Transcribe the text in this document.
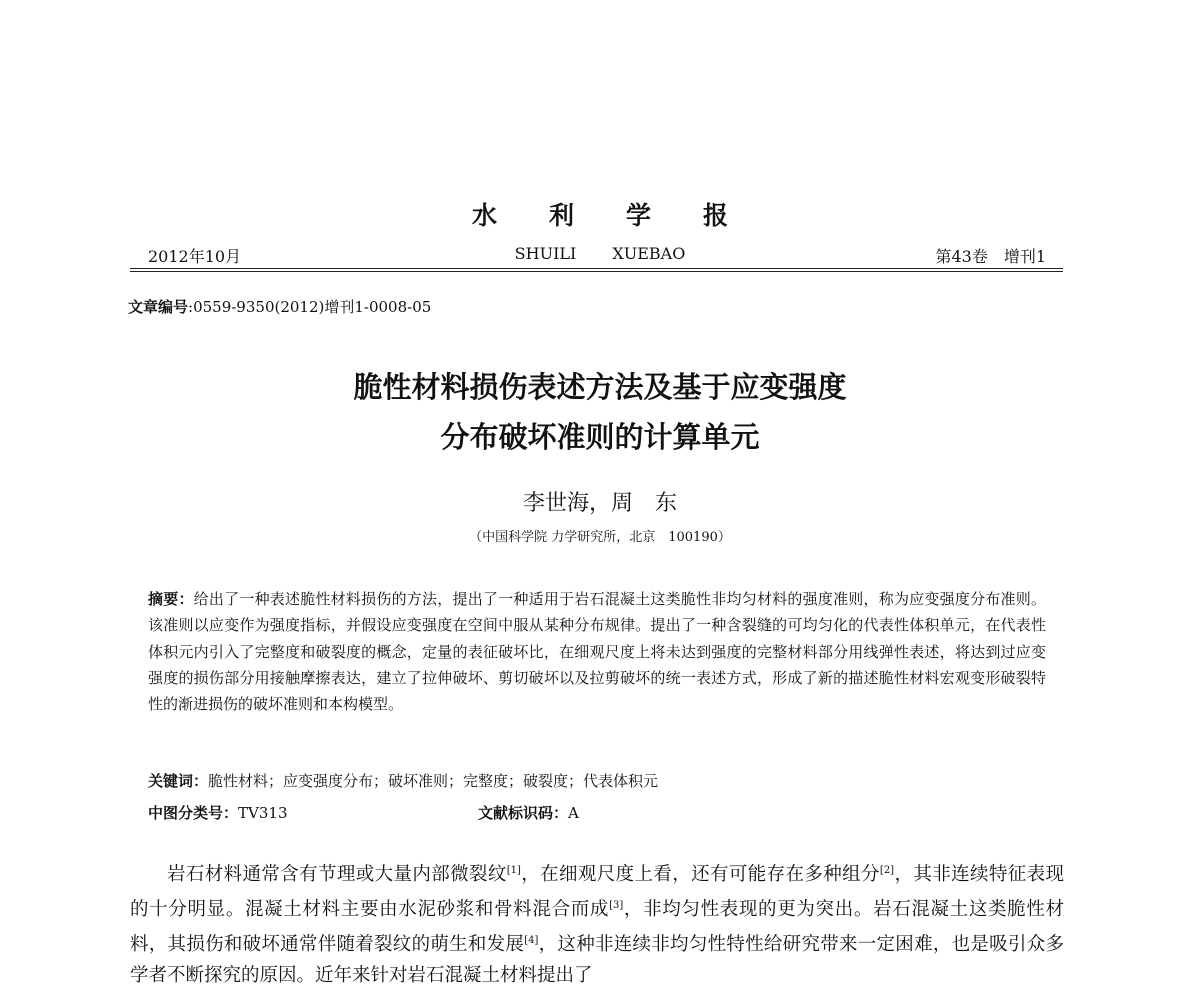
水利学报
2012年10月	SHUILI XUEBAO	第43卷　增刊1
文章编号:0559-9350(2012)增刊1-0008-05
脆性材料损伤表述方法及基于应变强度
分布破坏准则的计算单元
李世海，周　东
（中国科学院 力学研究所，北京　100190）
摘要：给出了一种表述脆性材料损伤的方法，提出了一种适用于岩石混凝土这类脆性非均匀材料的强度准则，称为应变强度分布准则。该准则以应变作为强度指标，并假设应变强度在空间中服从某种分布规律。提出了一种含裂缝的可均匀化的代表性体积单元，在代表性体积元内引入了完整度和破裂度的概念，定量的表征破坏比，在细观尺度上将未达到强度的完整材料部分用线弹性表述，将达到过应变强度的损伤部分用接触摩擦表达，建立了拉伸破坏、剪切破坏以及拉剪破坏的统一表述方式，形成了新的描述脆性材料宏观变形破裂特性的渐进损伤的破坏准则和本构模型。
关键词：脆性材料；应变强度分布；破坏准则；完整度；破裂度；代表体积元
中图分类号：TV313	文献标识码：A
岩石材料通常含有节理或大量内部微裂纹[1]，在细观尺度上看，还有可能存在多种组分[2]，其非连续特征表现的十分明显。混凝土材料主要由水泥砂浆和骨料混合而成[3]，非均匀性表现的更为突出。岩石混凝土这类脆性材料，其损伤和破坏通常伴随着裂纹的萌生和发展[4]，这种非连续非均匀性特性给研究带来一定困难，也是吸引众多学者不断探究的原因。近年来针对岩石混凝土材料提出了
